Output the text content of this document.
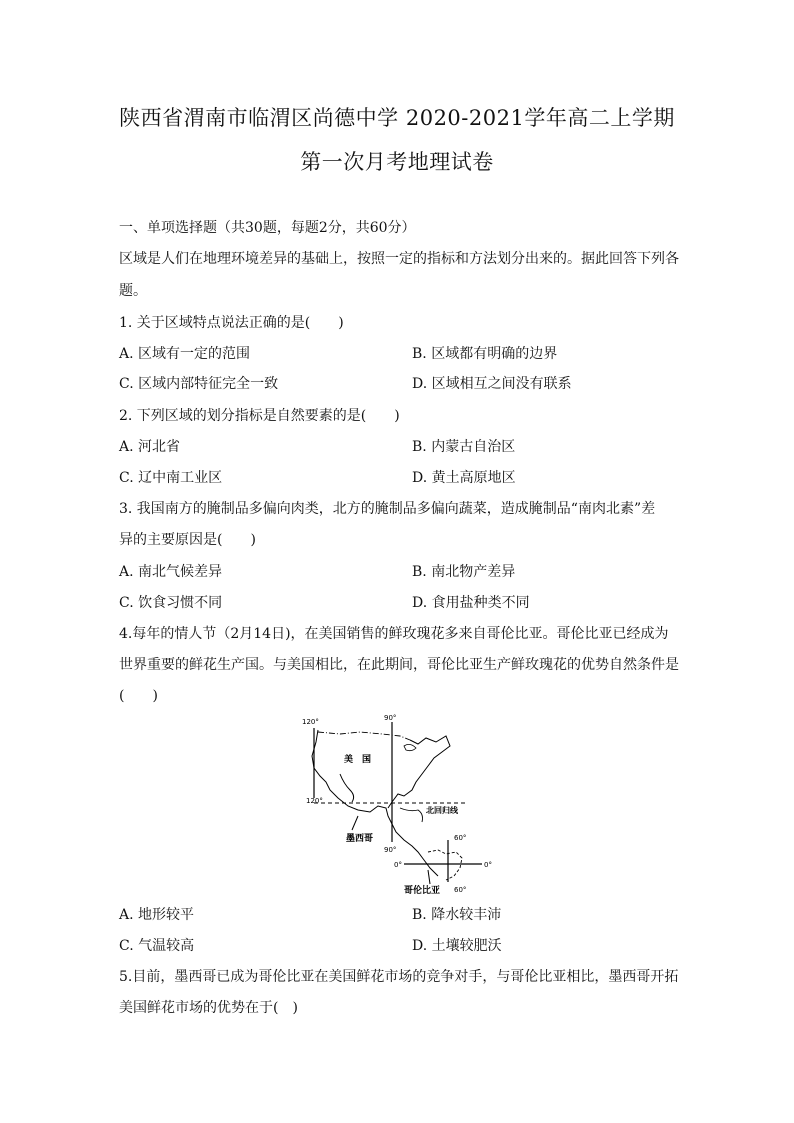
陕西省渭南市临渭区尚德中学 2020-2021学年高二上学期
第一次月考地理试卷
一、单项选择题（共30题，每题2分，共60分）
区域是人们在地理环境差异的基础上，按照一定的指标和方法划分出来的。据此回答下列各
题。
1. 关于区域特点说法正确的是(　　)
A. 区域有一定的范围	B. 区域都有明确的边界
C. 区域内部特征完全一致	D. 区域相互之间没有联系
2. 下列区域的划分指标是自然要素的是(　　)
A. 河北省	B. 内蒙古自治区
C. 辽中南工业区	D. 黄土高原地区
3. 我国南方的腌制品多偏向肉类，北方的腌制品多偏向蔬菜，造成腌制品“南肉北素”差
异的主要原因是(　　)
A. 南北气候差异	B. 南北物产差异
C. 饮食习惯不同	D. 食用盐种类不同
4.每年的情人节（2月14日)，在美国销售的鲜玫瑰花多来自哥伦比亚。哥伦比亚已经成为
世界重要的鲜花生产国。与美国相比，在此期间，哥伦比亚生产鲜玫瑰花的优势自然条件是
(　　)
120°	90°
120°
90°
60°
60°
0°	0°
美　国
北回归线
墨西哥
哥伦比亚
A. 地形较平	B. 降水较丰沛
C. 气温较高	D. 土壤较肥沃
5.目前，墨西哥已成为哥伦比亚在美国鲜花市场的竞争对手，与哥伦比亚相比，墨西哥开拓
美国鲜花市场的优势在于(　)
